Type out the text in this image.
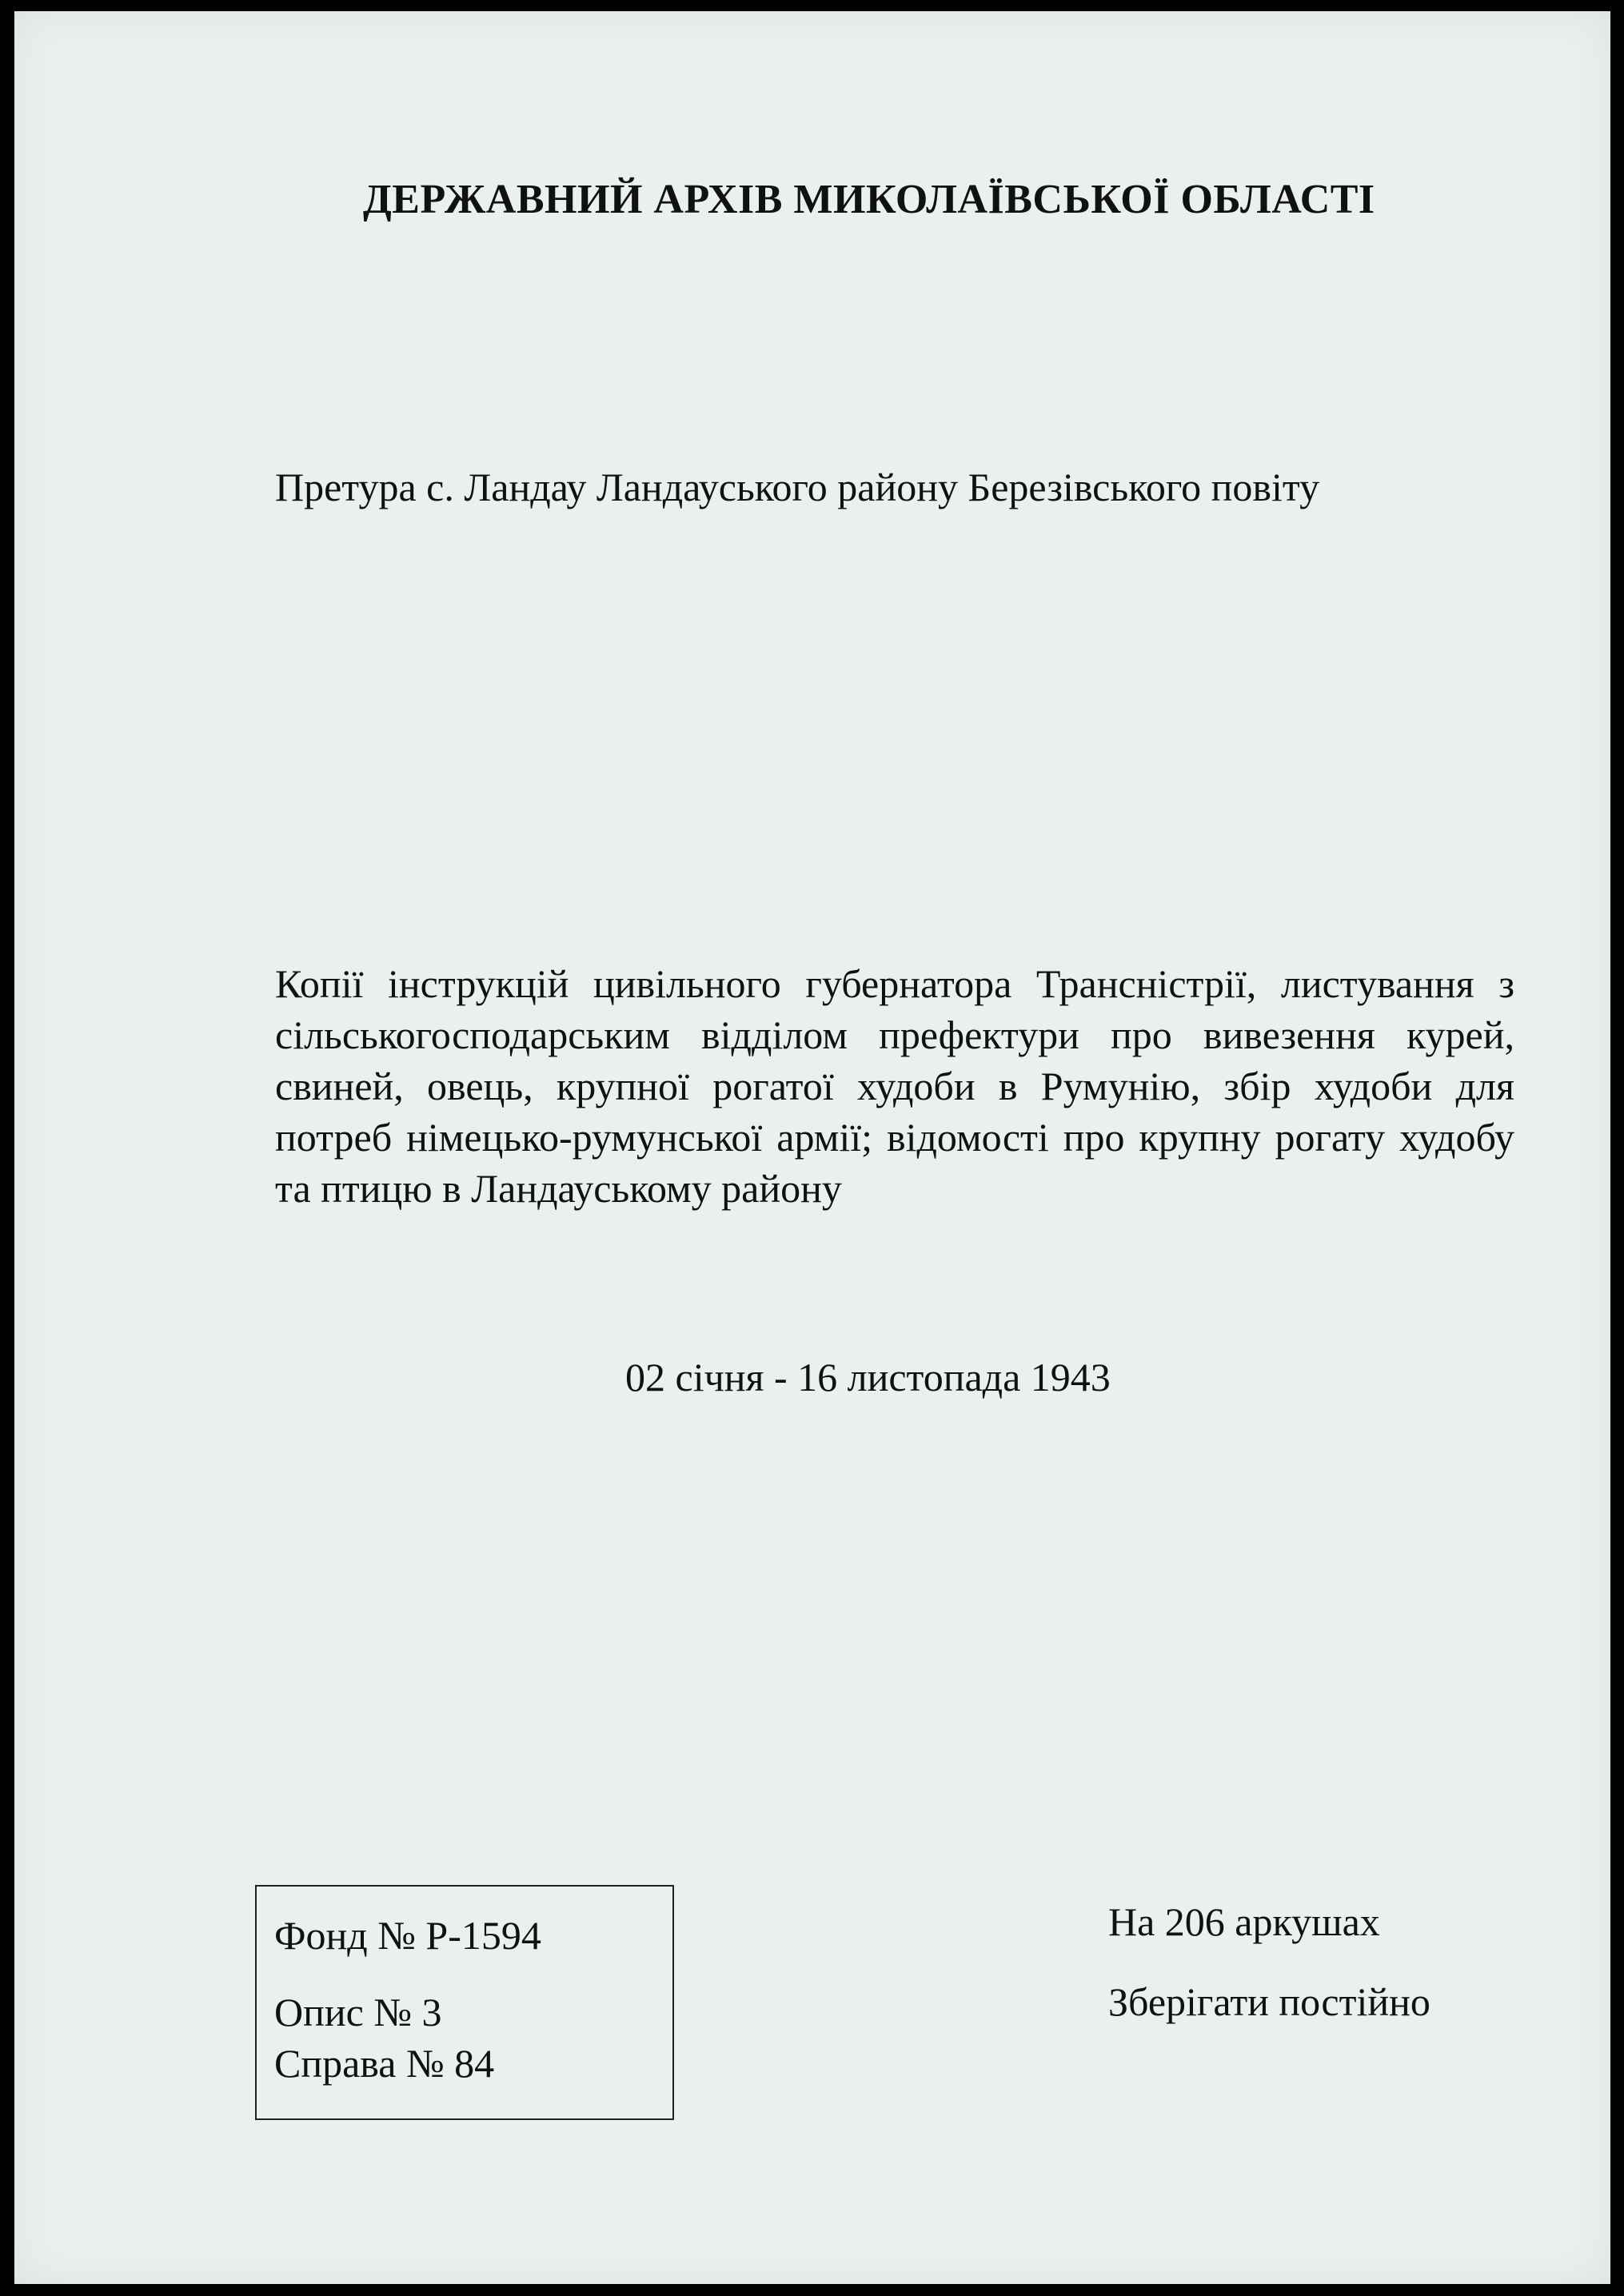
ДЕРЖАВНИЙ АРХІВ МИКОЛАЇВСЬКОЇ ОБЛАСТІ
Претура с. Ландау Ландауського району Березівського повіту
Копії інструкцій цивільного губернатора Трансністрії, листування з сільськогосподарським відділом префектури про вивезення курей, свиней, овець, крупної рогатої худоби в Румунію, збір худоби для потреб німецько-румунської армії; відомості про крупну рогату худобу та птицю в Ландауському району
02 січня - 16 листопада 1943
Фонд № Р-1594
Опис № 3
Справа № 84
На 206 аркушах
Зберігати постійно
